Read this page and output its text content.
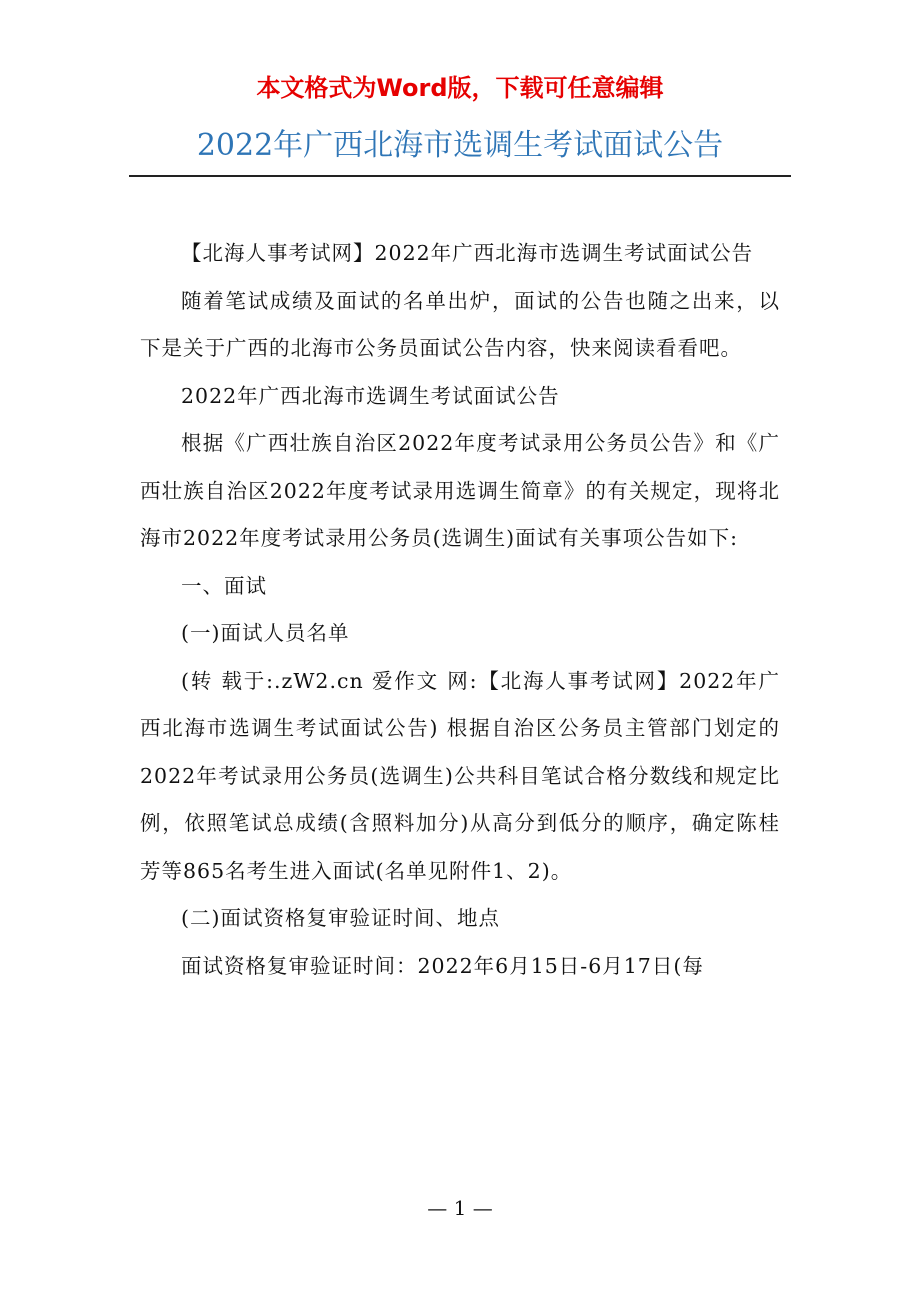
本文格式为Word版，下载可任意编辑
2022年广西北海市选调生考试面试公告

【北海人事考试网】2022年广西北海市选调生考试面试公告

随着笔试成绩及面试的名单出炉，面试的公告也随之出来，以下是关于广西的北海市公务员面试公告内容，快来阅读看看吧。

2022年广西北海市选调生考试面试公告

根据《广西壮族自治区2022年度考试录用公务员公告》和《广西壮族自治区2022年度考试录用选调生简章》的有关规定，现将北海市2022年度考试录用公务员(选调生)面试有关事项公告如下:

一、面试

(一)面试人员名单

(转 载于:.zW2.cn 爱作文 网:【北海人事考试网】2022年广西北海市选调生考试面试公告) 根据自治区公务员主管部门划定的2022年考试录用公务员(选调生)公共科目笔试合格分数线和规定比例，依照笔试总成绩(含照料加分)从高分到低分的顺序，确定陈桂芳等865名考生进入面试(名单见附件1、2)。

(二)面试资格复审验证时间、地点

面试资格复审验证时间：2022年6月15日-6月17日(每

— 1 —
